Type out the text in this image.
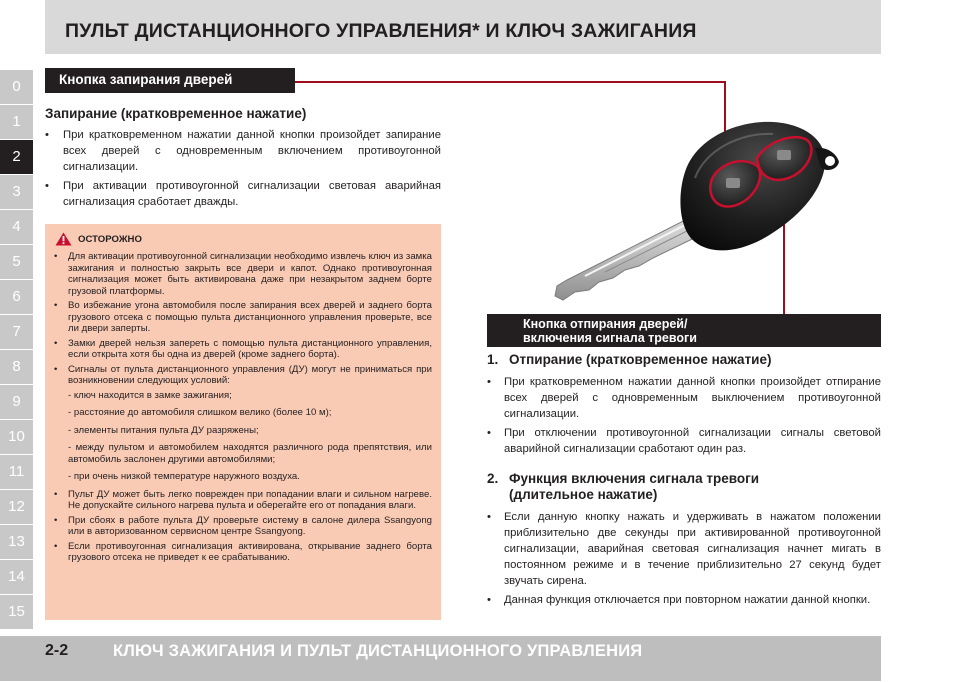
ПУЛЬТ ДИСТАНЦИОННОГО УПРАВЛЕНИЯ* И КЛЮЧ ЗАЖИГАНИЯ
0
1
2
3
4
5
6
7
8
9
10
11
12
13
14
15
Кнопка запирания дверей
Запирание (кратковременное нажатие)
• При кратковременном нажатии данной кнопки произойдет запирание всех дверей с одновременным включением противоугонной сигнализации.
• При активации противоугонной сигнализации световая аварийная сигнализация сработает дважды.
ОСТОРОЖНО
• Для активации противоугонной сигнализации необходимо извлечь ключ из замка зажигания и полностью закрыть все двери и капот. Однако противоугонная сигнализация может быть активирована даже при незакрытом заднем борте грузовой платформы.
• Во избежание угона автомобиля после запирания всех дверей и заднего борта грузового отсека с помощью пульта дистанционного управления проверьте, все ли двери заперты.
• Замки дверей нельзя запереть с помощью пульта дистанционного управления, если открыта хотя бы одна из дверей (кроме заднего борта).
• Сигналы от пульта дистанционного управления (ДУ) могут не приниматься при возникновении следующих условий:
- ключ находится в замке зажигания;
- расстояние до автомобиля слишком велико (более 10 м);
- элементы питания пульта ДУ разряжены;
- между пультом и автомобилем находятся различного рода препятствия, или автомобиль заслонен другими автомобилями;
- при очень низкой температуре наружного воздуха.
• Пульт ДУ может быть легко поврежден при попадании влаги и сильном нагреве. Не допускайте сильного нагрева пульта и оберегайте его от попадания влаги.
• При сбоях в работе пульта ДУ проверьте систему в салоне дилера Ssangyong или в авторизованном сервисном центре Ssangyong.
• Если противоугонная сигнализация активирована, открывание заднего борта грузового отсека не приведет к ее срабатыванию.
Кнопка отпирания дверей/
включения сигнала тревоги
1. Отпирание (кратковременное нажатие)
• При кратковременном нажатии данной кнопки произойдет отпирание всех дверей с одновременным выключением противоугонной сигнализации.
• При отключении противоугонной сигнализации сигналы световой аварийной сигнализации сработают один раз.
2. Функция включения сигнала тревоги (длительное нажатие)
• Если данную кнопку нажать и удерживать в нажатом положении приблизительно две секунды при активированной противоугонной сигнализации, аварийная световая сигнализация начнет мигать в постоянном режиме и в течение приблизительно 27 секунд будет звучать сирена.
• Данная функция отключается при повторном нажатии данной кнопки.
2-2	КЛЮЧ ЗАЖИГАНИЯ И ПУЛЬТ ДИСТАНЦИОННОГО УПРАВЛЕНИЯ
